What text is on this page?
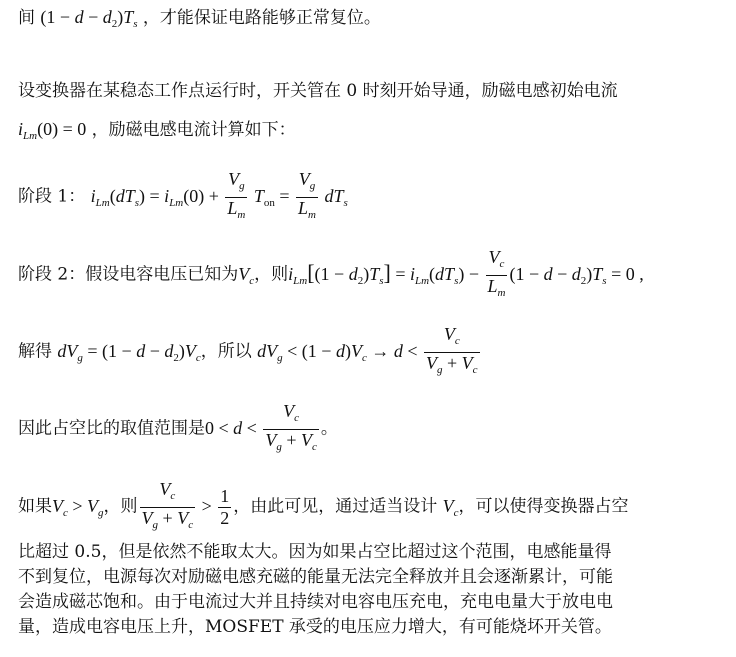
间 $(1 - d - d_2)T_s$ ，才能保证电路能够正常复位。
设变换器在某稳态工作点运行时，开关管在 0 时刻开始导通，励磁电感初始电流
$i_{Lm}(0) = 0$ ，励磁电感电流计算如下：
阶段 1： $i_{Lm}(dT_s) = i_{Lm}(0) + \frac{V_g}{L_m} T_{on} = \frac{V_g}{L_m} dT_s$
阶段 2：假设电容电压已知为$V_c$，则$i_{Lm}[(1 - d_2)T_s] = i_{Lm}(dT_s) - \frac{V_c}{L_m} (1 - d - d_2)T_s = 0$ ,
解得 $dV_g = (1 - d - d_2)V_c$，所以 $dV_g < (1 - d)V_c \to d < \frac{V_c}{V_g + V_c}$
因此占空比的取值范围是$0 < d < \frac{V_c}{V_g + V_c}$ 。
如果$V_c > V_g$，则 $\frac{V_c}{V_g + V_c} > \frac{1}{2}$ ，由此可见，通过适当设计 $V_c$，可以使得变换器占空
比超过 0.5，但是依然不能取太大。因为如果占空比超过这个范围，电感能量得
不到复位，电源每次对励磁电感充磁的能量无法完全释放并且会逐渐累计，可能
会造成磁芯饱和。由于电流过大并且持续对电容电压充电，充电电量大于放电电
量，造成电容电压上升，MOSFET 承受的电压应力增大，有可能烧坏开关管。
